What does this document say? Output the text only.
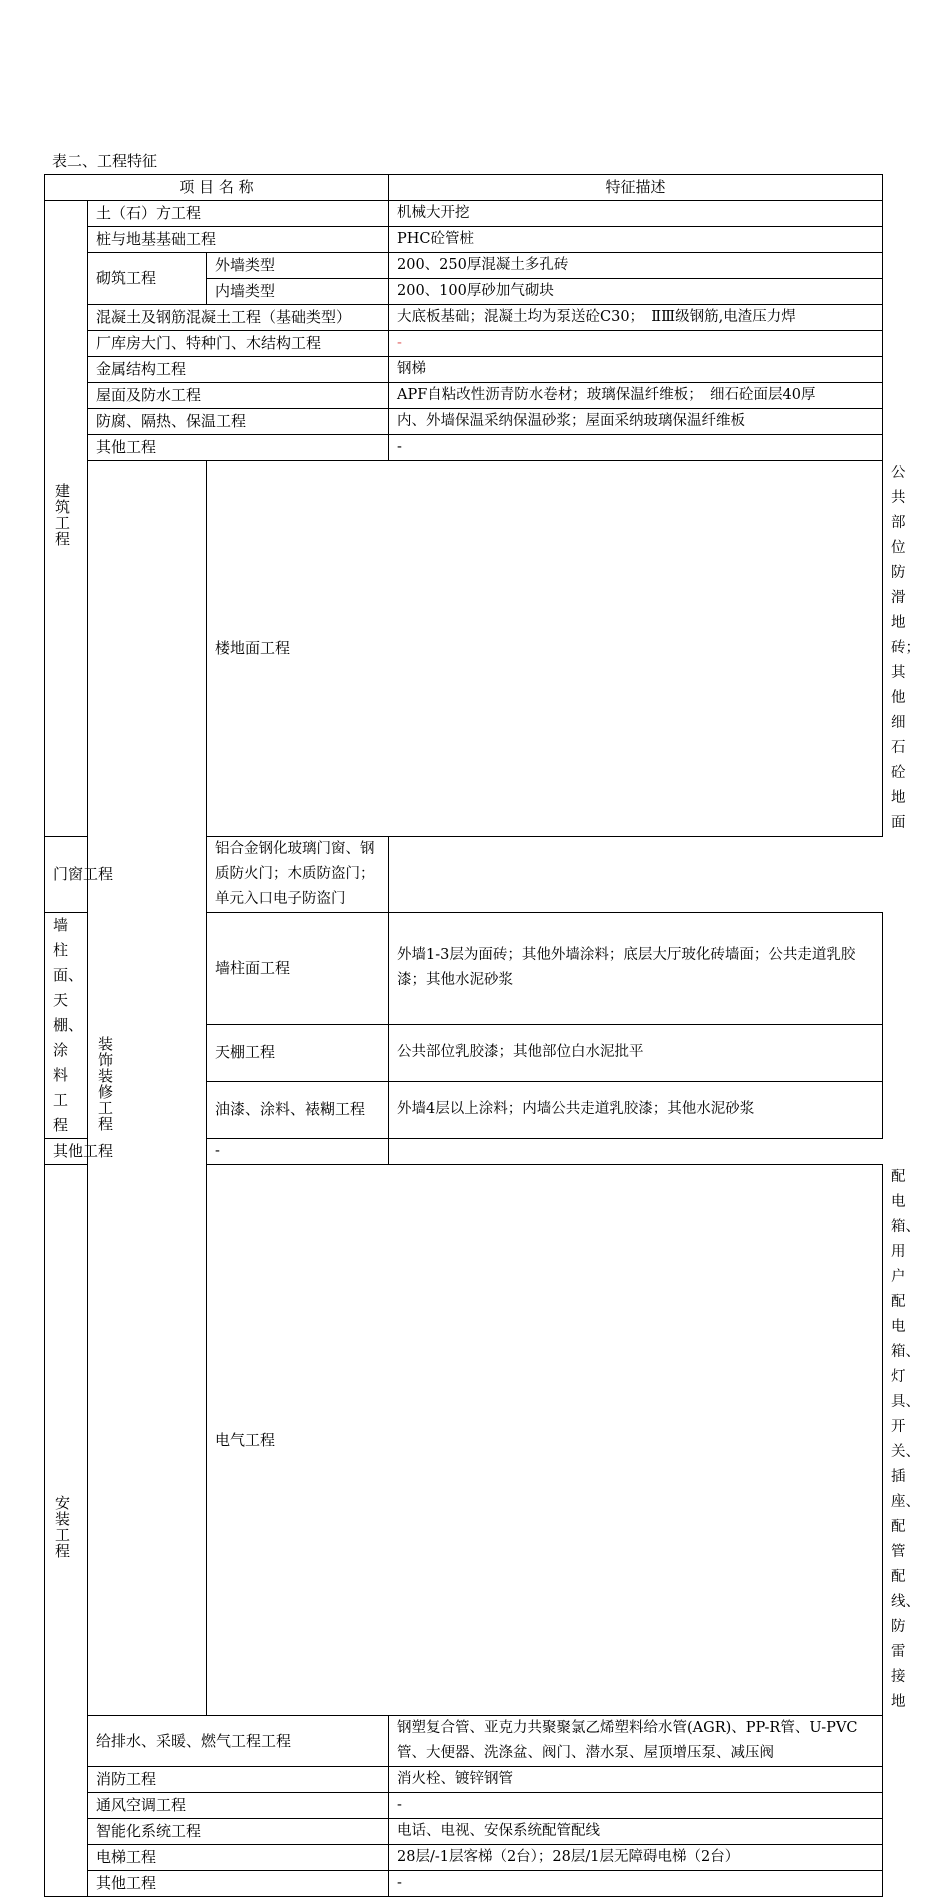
表二、工程特征
项 目 名 称			特征描述	
建筑工程	土（石）方工程		机械大开挖	
	桩与地基基础工程		PHC砼管桩	
	砌筑工程	外墙类型	200、250厚混凝土多孔砖	
		内墙类型	200、100厚砂加气砌块	
	混凝土及钢筋混凝土工程（基础类型）		大底板基础；混凝土均为泵送砼C30；　ⅡⅢ级钢筋,电渣压力焊	
	厂库房大门、特种门、木结构工程		-	
	金属结构工程		钢梯	
	屋面及防水工程		APF自粘改性沥青防水卷材；玻璃保温纤维板；　细石砼面层40厚	
	防腐、隔热、保温工程		内、外墙保温采纳保温砂浆；屋面采纳玻璃保温纤维板	
	其他工程		-	
	装饰装修工程	楼地面工程		公共部位防滑地砖；其他细石砼地面
门窗工程		铝合金钢化玻璃门窗、钢质防火门；木质防盗门；单元入口电子防盗门		
墙柱面、天棚、涂料工程		墙柱面工程	外墙1-3层为面砖；其他外墙涂料；底层大厅玻化砖墙面；公共走道乳胶漆；其他水泥砂浆	
		天棚工程	公共部位乳胶漆；其他部位白水泥批平	
		油漆、涂料、裱糊工程	外墙4层以上涂料；内墙公共走道乳胶漆；其他水泥砂浆	
其他工程		-		
安装工程		电气工程		配电箱、用户配电箱、灯具、开关、插座、配管配线、防雷接地
	给排水、采暖、燃气工程工程		钢塑复合管、亚克力共聚聚氯乙烯塑料给水管(AGR)、PP-R管、U-PVC管、大便器、洗涤盆、阀门、潜水泵、屋顶增压泵、减压阀	
	消防工程		消火栓、镀锌钢管	
	通风空调工程		-	
	智能化系统工程		电话、电视、安保系统配管配线	
	电梯工程		28层/-1层客梯（2台）；28层/1层无障碍电梯（2台）	
	其他工程		-	
